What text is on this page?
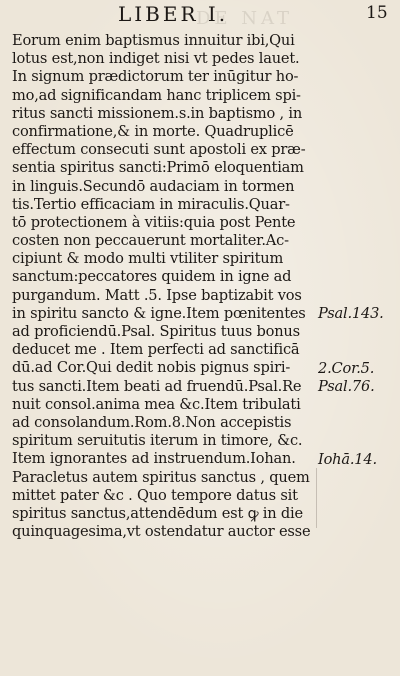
DE NAT
LIBER I.	15
Eorum enim baptismus innuitur ibi,Qui
lotus est,non indiget nisi vt pedes lauet.
In signum prædictorum ter inūgitur ho-
mo,ad significandam hanc triplicem spi-
ritus sancti missionem.s.in baptismo , in
confirmatione,& in morte. Quadruplicē
effectum consecuti sunt apostoli ex præ-
sentia spiritus sancti:Primō eloquentiam
in linguis.Secundō audaciam in tormen
tis.Tertio efficaciam in miraculis.Quar-
tō protectionem à vitiis:quia post Pente
costen non peccauerunt mortaliter.Ac-
cipiunt & modo multi vtiliter spiritum
sanctum:peccatores quidem in igne ad
purgandum. Matt .5. Ipse baptizabit vos
in spiritu sancto & igne.Item pœnitentes
ad proficiendū.Psal. Spiritus tuus bonus
deducet me . Item perfecti ad sanctificā
dū.ad Cor.Qui dedit nobis pignus spiri-
tus sancti.Item beati ad fruendū.Psal.Re
nuit consol.anima mea &c.Item tribulati
ad consolandum.Rom.8.Non accepistis
spiritum seruitutis iterum in timore, &c.
Item ignorantes ad instruendum.Iohan.
Paracletus autem spiritus sanctus , quem
mittet pater &c . Quo tempore datus sit
spiritus sanctus,attendēdum est ꝙ in die
quinquagesima,vt ostendatur auctor esse
Psal.143.
2.Cor.5.
Psal.76.
Iohā.14.
